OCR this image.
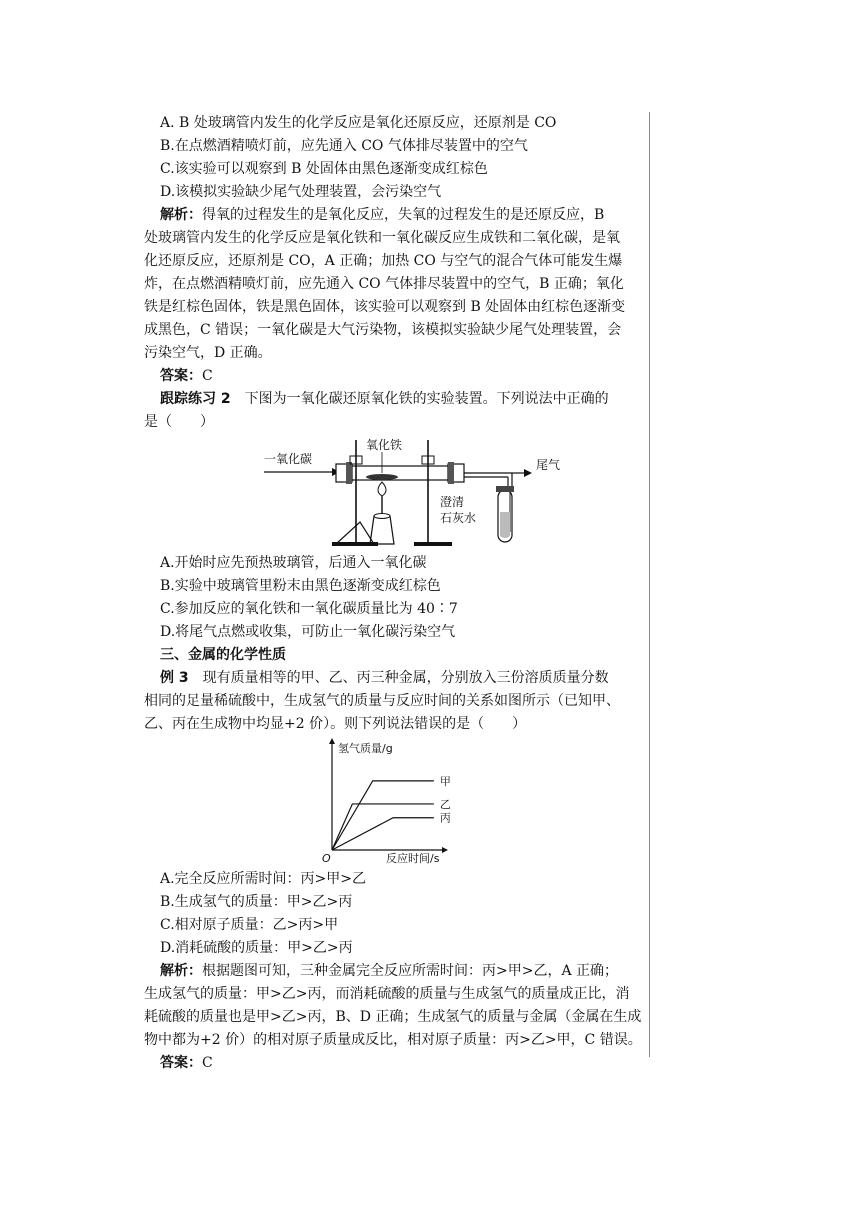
A. B 处玻璃管内发生的化学反应是氧化还原反应，还原剂是 CO
B.在点燃酒精喷灯前，应先通入 CO 气体排尽装置中的空气
C.该实验可以观察到 B 处固体由黑色逐渐变成红棕色
D.该模拟实验缺少尾气处理装置，会污染空气
解析：得氧的过程发生的是氧化反应，失氧的过程发生的是还原反应，B
处玻璃管内发生的化学反应是氧化铁和一氧化碳反应生成铁和二氧化碳，是氧
化还原反应，还原剂是 CO，A 正确；加热 CO 与空气的混合气体可能发生爆
炸，在点燃酒精喷灯前，应先通入 CO 气体排尽装置中的空气，B 正确；氧化
铁是红棕色固体，铁是黑色固体，该实验可以观察到 B 处固体由红棕色逐渐变
成黑色，C 错误；一氧化碳是大气污染物，该模拟实验缺少尾气处理装置，会
污染空气，D 正确。
答案：C
跟踪练习 2 下图为一氧化碳还原氧化铁的实验装置。下列说法中正确的
是（　　）
一氧化碳
氧化铁
尾气
澄清
石灰水
A.开始时应先预热玻璃管，后通入一氧化碳
B.实验中玻璃管里粉末由黑色逐渐变成红棕色
C.参加反应的氧化铁和一氧化碳质量比为 40∶7
D.将尾气点燃或收集，可防止一氧化碳污染空气
三、金属的化学性质
例 3 现有质量相等的甲、乙、丙三种金属，分别放入三份溶质质量分数
相同的足量稀硫酸中，生成氢气的质量与反应时间的关系如图所示（已知甲、
乙、丙在生成物中均显+2 价）。则下列说法错误的是（　　）
氢气质量/g
反应时间/s
O
甲
乙
丙
A.完全反应所需时间：丙>甲>乙
B.生成氢气的质量：甲>乙>丙
C.相对原子质量：乙>丙>甲
D.消耗硫酸的质量：甲>乙>丙
解析：根据题图可知，三种金属完全反应所需时间：丙>甲>乙，A 正确；
生成氢气的质量：甲>乙>丙，而消耗硫酸的质量与生成氢气的质量成正比，消
耗硫酸的质量也是甲>乙>丙，B、D 正确；生成氢气的质量与金属（金属在生成
物中都为+2 价）的相对原子质量成反比，相对原子质量：丙>乙>甲，C 错误。
答案：C
